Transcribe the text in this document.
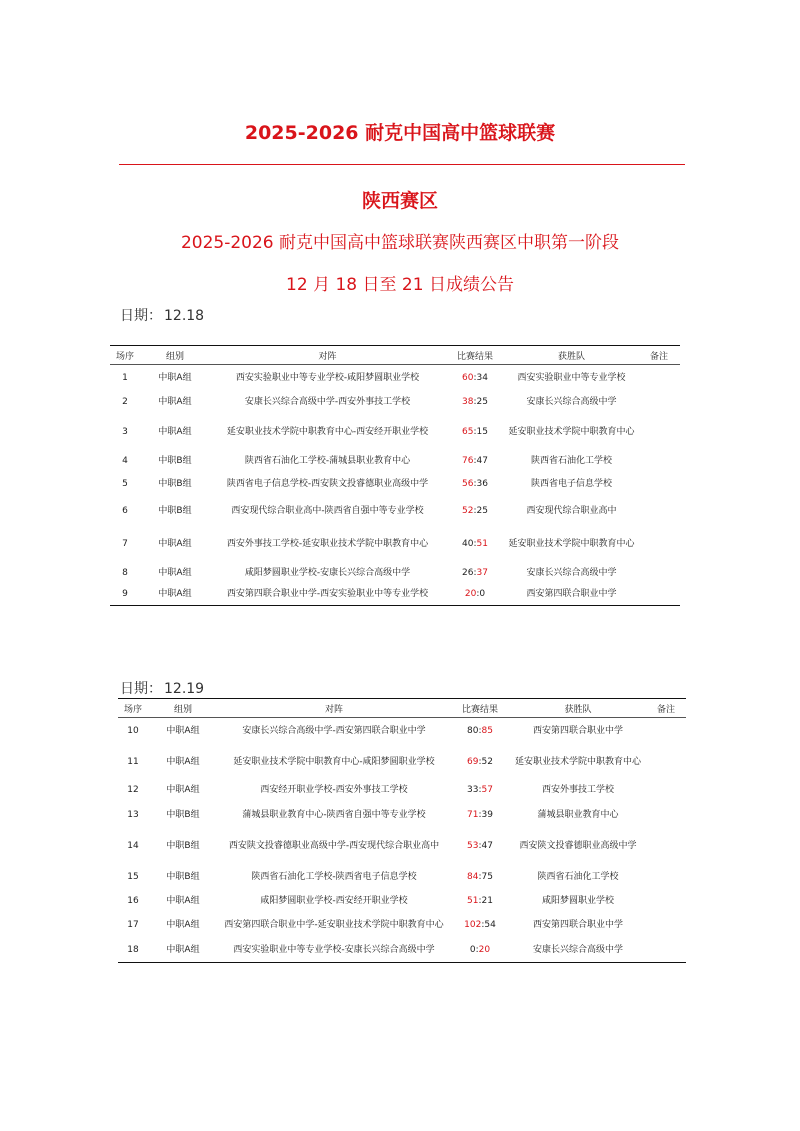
2025-2026 耐克中国高中篮球联赛
陕西赛区
2025-2026 耐克中国高中篮球联赛陕西赛区中职第一阶段
12 月 18 日至 21 日成绩公告
日期： 12.18
场序	组别	对阵	比赛结果	获胜队	备注
1	中职A组	西安实验职业中等专业学校-咸阳梦圆职业学校	60:34	西安实验职业中等专业学校	
2	中职A组	安康长兴综合高级中学-西安外事技工学校	38:25	安康长兴综合高级中学	
3	中职A组	延安职业技术学院中职教育中心-西安经开职业学校	65:15	延安职业技术学院中职教育中心	
4	中职B组	陕西省石油化工学校-蒲城县职业教育中心	76:47	陕西省石油化工学校	
5	中职B组	陕西省电子信息学校-西安陕文投睿德职业高级中学	56:36	陕西省电子信息学校	
6	中职B组	西安现代综合职业高中-陕西省自强中等专业学校	52:25	西安现代综合职业高中	
7	中职A组	西安外事技工学校-延安职业技术学院中职教育中心	40:51	延安职业技术学院中职教育中心	
8	中职A组	咸阳梦圆职业学校-安康长兴综合高级中学	26:37	安康长兴综合高级中学	
9	中职A组	西安第四联合职业中学-西安实验职业中等专业学校	20:0	西安第四联合职业中学	
日期： 12.19
场序	组别	对阵	比赛结果	获胜队	备注
10	中职A组	安康长兴综合高级中学-西安第四联合职业中学	80:85	西安第四联合职业中学	
11	中职A组	延安职业技术学院中职教育中心-咸阳梦圆职业学校	69:52	延安职业技术学院中职教育中心	
12	中职A组	西安经开职业学校-西安外事技工学校	33:57	西安外事技工学校	
13	中职B组	蒲城县职业教育中心-陕西省自强中等专业学校	71:39	蒲城县职业教育中心	
14	中职B组	西安陕文投睿德职业高级中学-西安现代综合职业高中	53:47	西安陕文投睿德职业高级中学	
15	中职B组	陕西省石油化工学校-陕西省电子信息学校	84:75	陕西省石油化工学校	
16	中职A组	咸阳梦圆职业学校-西安经开职业学校	51:21	咸阳梦圆职业学校	
17	中职A组	西安第四联合职业中学-延安职业技术学院中职教育中心	102:54	西安第四联合职业中学	
18	中职A组	西安实验职业中等专业学校-安康长兴综合高级中学	0:20	安康长兴综合高级中学	
